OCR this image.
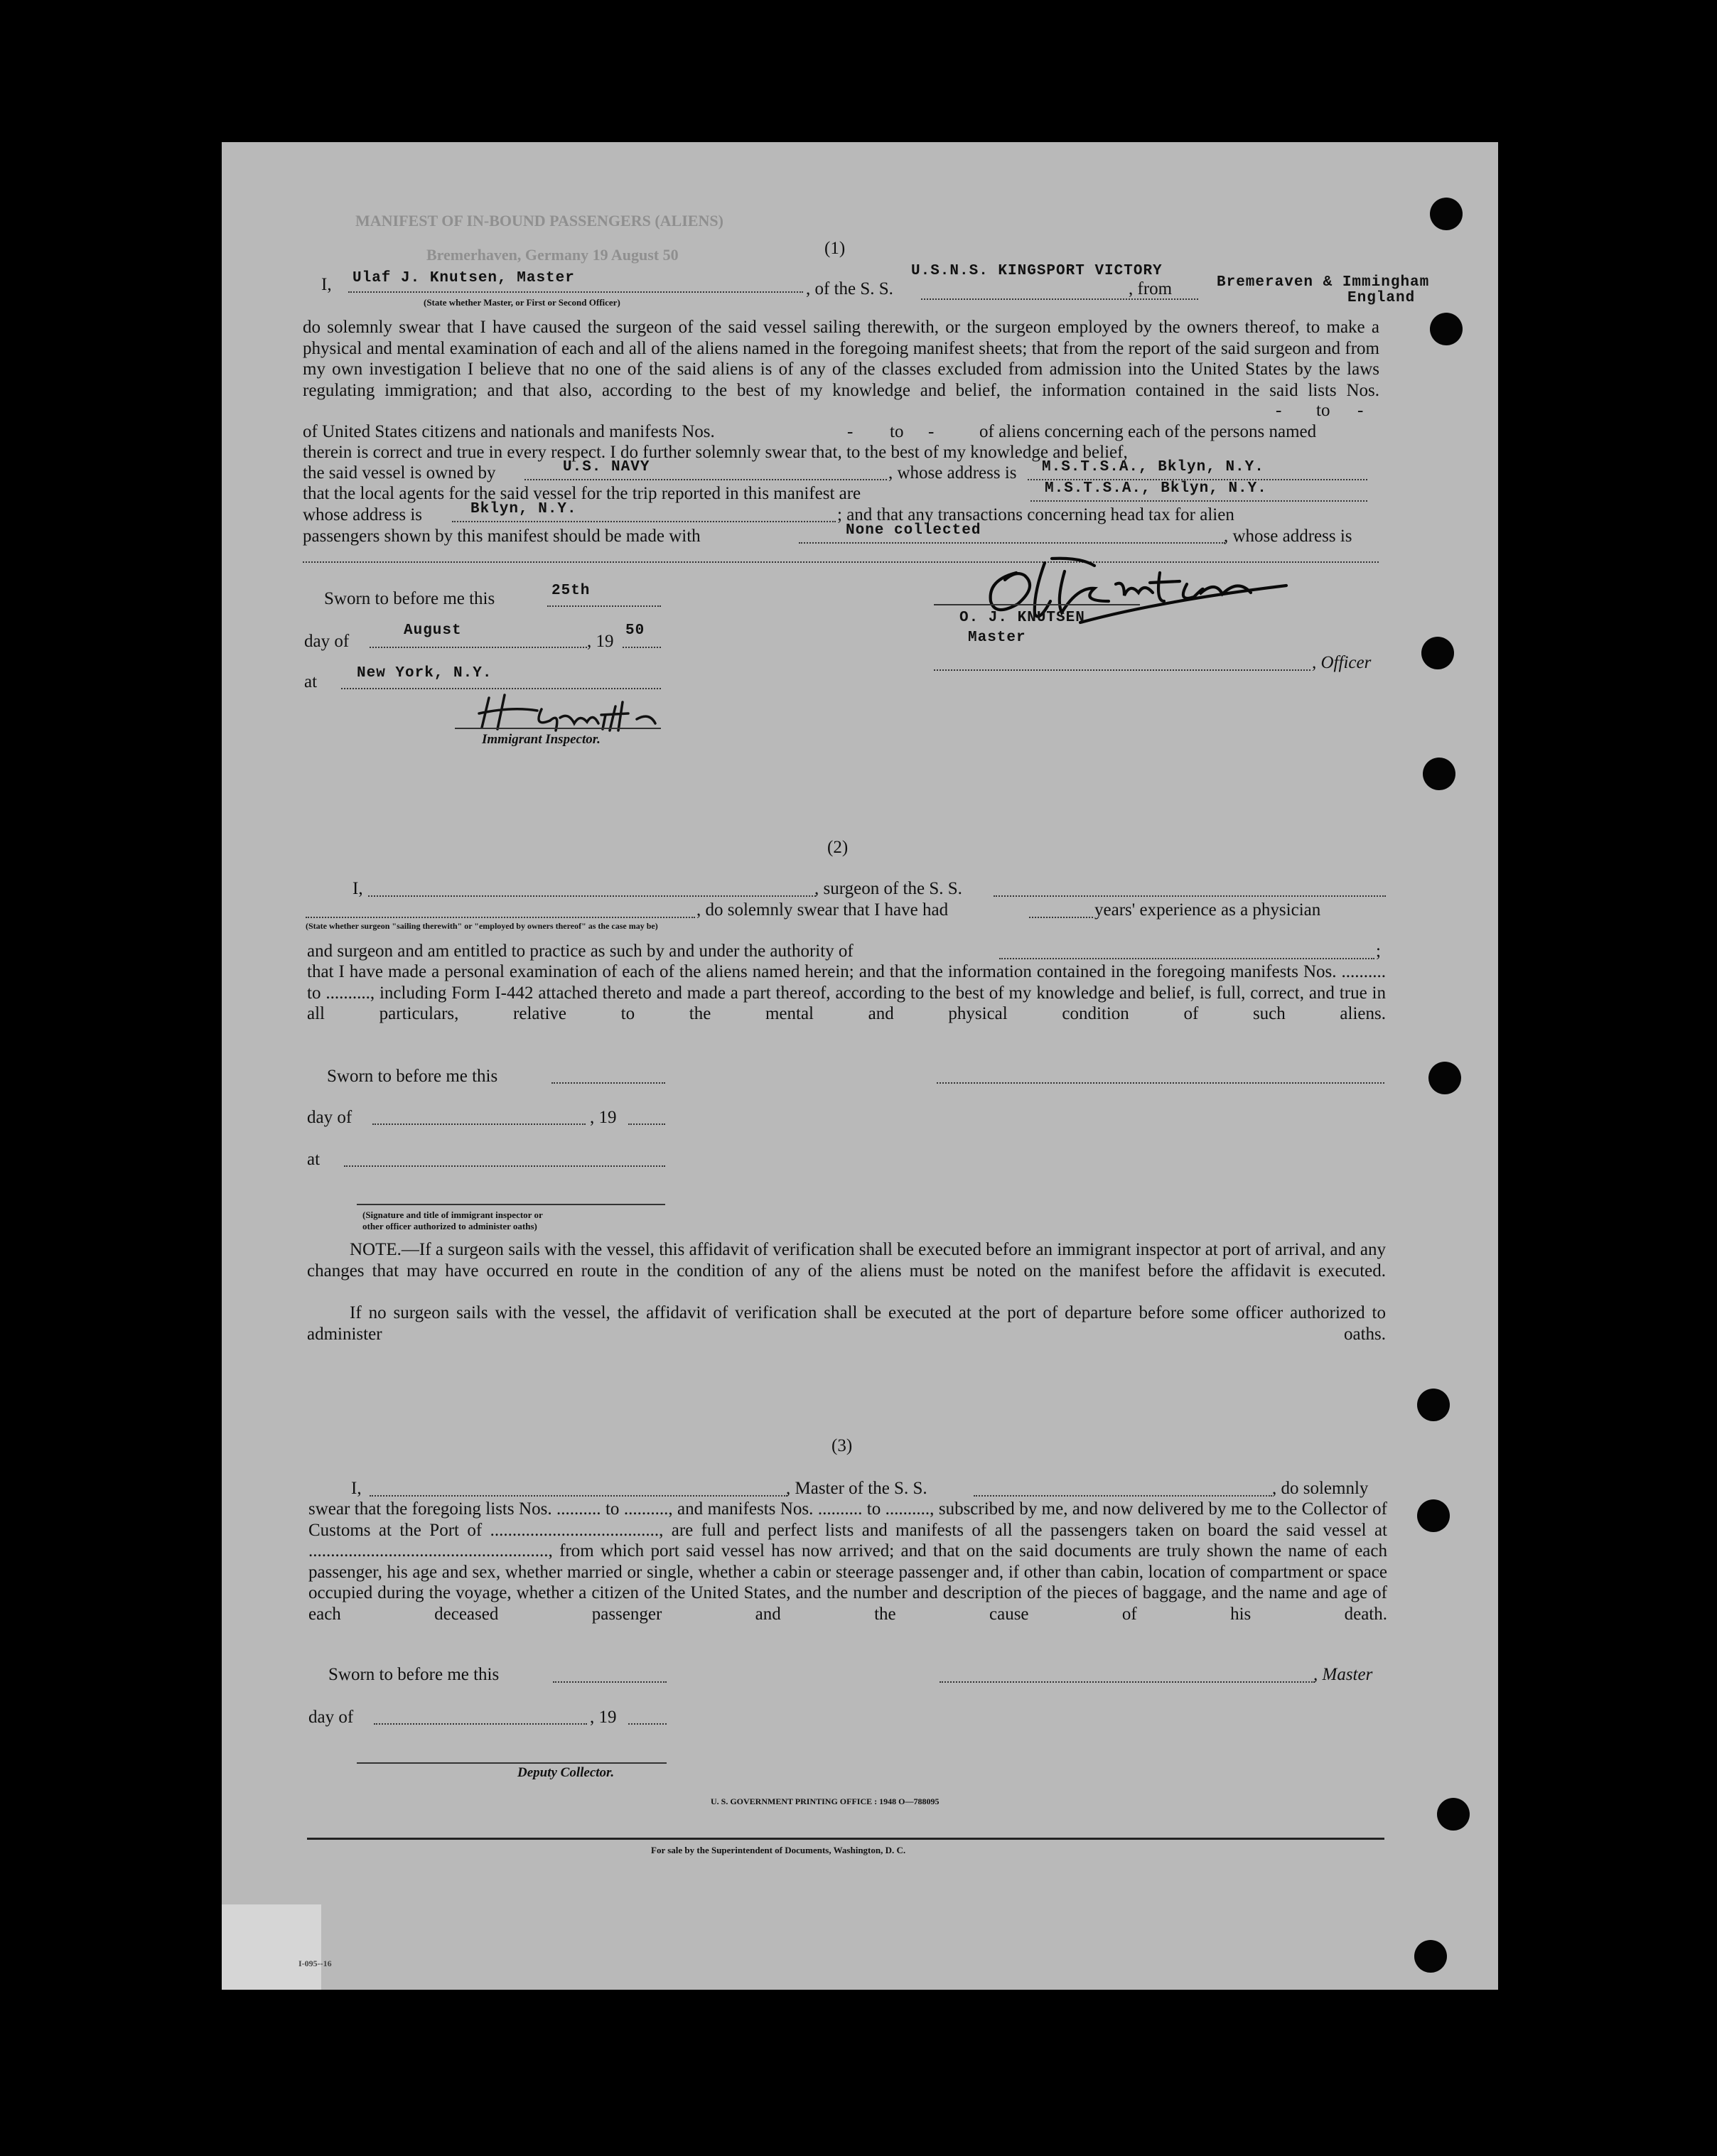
MANIFEST OF IN-BOUND PASSENGERS (ALIENS)
Bremerhaven, Germany 19 August 50
I-095--16
(1)
I, Ulaf J. Knutsen, Master
(State whether Master, or First or Second Officer)
, of the S. S.
U.S.N.S. KINGSPORT VICTORY
, from	Bremeraven & Immingham
England
do solemnly swear that I have caused the surgeon of the said vessel sailing therewith, or the surgeon employed by the owners thereof, to make a physical and mental examination of each and all of the aliens named in the foregoing manifest sheets; that from the report of the said surgeon and from my own investigation I believe that no one of the said aliens is of any of the classes excluded from admission into the United States by the laws regulating immigration; and that also, according to the best of my knowledge and belief, the information contained in the said lists Nos.
- to -
of United States citizens and nationals and manifests Nos.	- to -	of aliens concerning each of the persons named
therein is correct and true in every respect. I do further solemnly swear that, to the best of my knowledge and belief,
the said vessel is owned by	U.S. NAVY	, whose address is M.S.T.S.A., Bklyn, N.Y.
that the local agents for the said vessel for the trip reported in this manifest are	M.S.T.S.A., Bklyn, N.Y.
whose address is	Bklyn, N.Y.	; and that any transactions concerning head tax for alien
passengers shown by this manifest should be made with	None collected	, whose address is
Sworn to before me this	25th
day of
August
, 19
50
at	New York, N.Y.
Immigrant Inspector.
O. J. KNUTSEN
Master
, Officer
(2)
I,	, surgeon of the S. S.
, do solemnly swear that I have had	years' experience as a physician
(State whether surgeon "sailing therewith" or "employed by owners thereof" as the case may be)
and surgeon and am entitled to practice as such by and under the authority of	;
that I have made a personal examination of each of the aliens named herein; and that the information contained in the foregoing manifests Nos. .......... to .........., including Form I-442 attached thereto and made a part thereof, according to the best of my knowledge and belief, is full, correct, and true in all particulars, relative to the mental and physical condition of such aliens.
Sworn to before me this
day of	, 19
at
(Signature and title of immigrant inspector or
other officer authorized to administer oaths)
NOTE.—If a surgeon sails with the vessel, this affidavit of verification shall be executed before an immigrant inspector at port of arrival, and any changes that may have occurred en route in the condition of any of the aliens must be noted on the manifest before the affidavit is executed.
If no surgeon sails with the vessel, the affidavit of verification shall be executed at the port of departure before some officer authorized to administer oaths.
(3)
I,	, Master of the S. S.	, do solemnly
swear that the foregoing lists Nos. .......... to .........., and manifests Nos. .......... to .........., subscribed by me, and now delivered by me to the Collector of Customs at the Port of ......................................, are full and perfect lists and manifests of all the passengers taken on board the said vessel at ......................................................, from which port said vessel has now arrived; and that on the said documents are truly shown the name of each passenger, his age and sex, whether married or single, whether a cabin or steerage passenger and, if other than cabin, location of compartment or space occupied during the voyage, whether a citizen of the United States, and the number and description of the pieces of baggage, and the name and age of each deceased passenger and the cause of his death.
Sworn to before me this	, Master
day of	, 19
Deputy Collector.
U. S. GOVERNMENT PRINTING OFFICE : 1948 O—788095
For sale by the Superintendent of Documents, Washington, D. C.
